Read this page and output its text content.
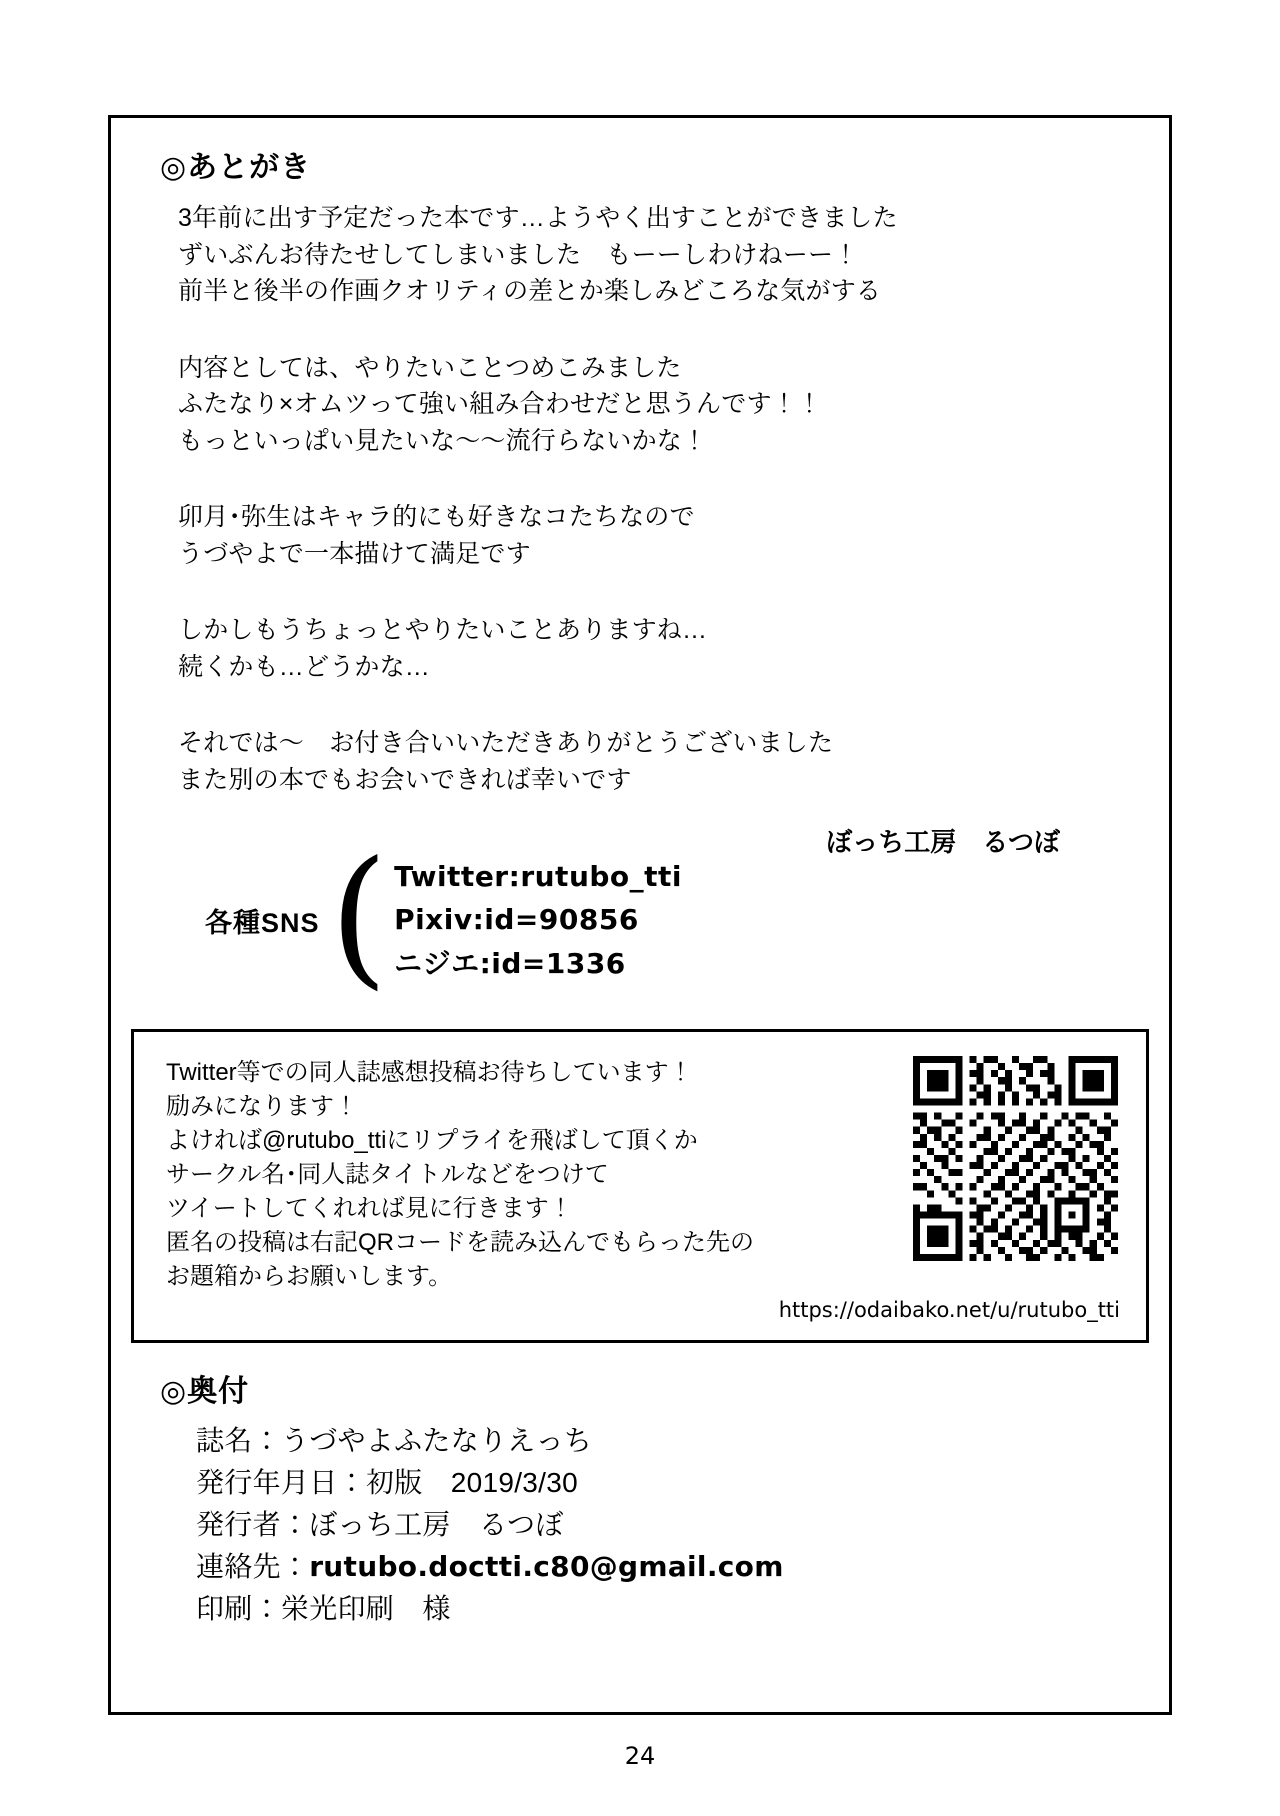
◎あとがき
3年前に出す予定だった本です…ようやく出すことができました
ずいぶんお待たせしてしまいました　もーーしわけねーー！
前半と後半の作画クオリティの差とか楽しみどころな気がする
内容としては、やりたいことつめこみました
ふたなり×オムツって強い組み合わせだと思うんです！！
もっといっぱい見たいな〜〜流行らないかな！
卯月･弥生はキャラ的にも好きなコたちなので
うづやよで一本描けて満足です
しかしもうちょっとやりたいことありますね…
続くかも…どうかな…
それでは〜　お付き合いいただきありがとうございました
また別の本でもお会いできれば幸いです
ぼっち工房　るつぼ
各種SNS ( Twitter:rutubo_tti
Pixiv:id=90856
ニジエ:id=1336
Twitter等での同人誌感想投稿お待ちしています！
励みになります！
よければ@rutubo_ttiにリプライを飛ばして頂くか
サークル名･同人誌タイトルなどをつけて
ツイートしてくれれば見に行きます！
匿名の投稿は右記QRコードを読み込んでもらった先の
お題箱からお願いします。
https://odaibako.net/u/rutubo_tti
◎奥付
誌名：うづやよふたなりえっち
発行年月日：初版　2019/3/30
発行者：ぼっち工房　るつぼ
連絡先：rutubo.doctti.c80@gmail.com
印刷：栄光印刷　様
24
